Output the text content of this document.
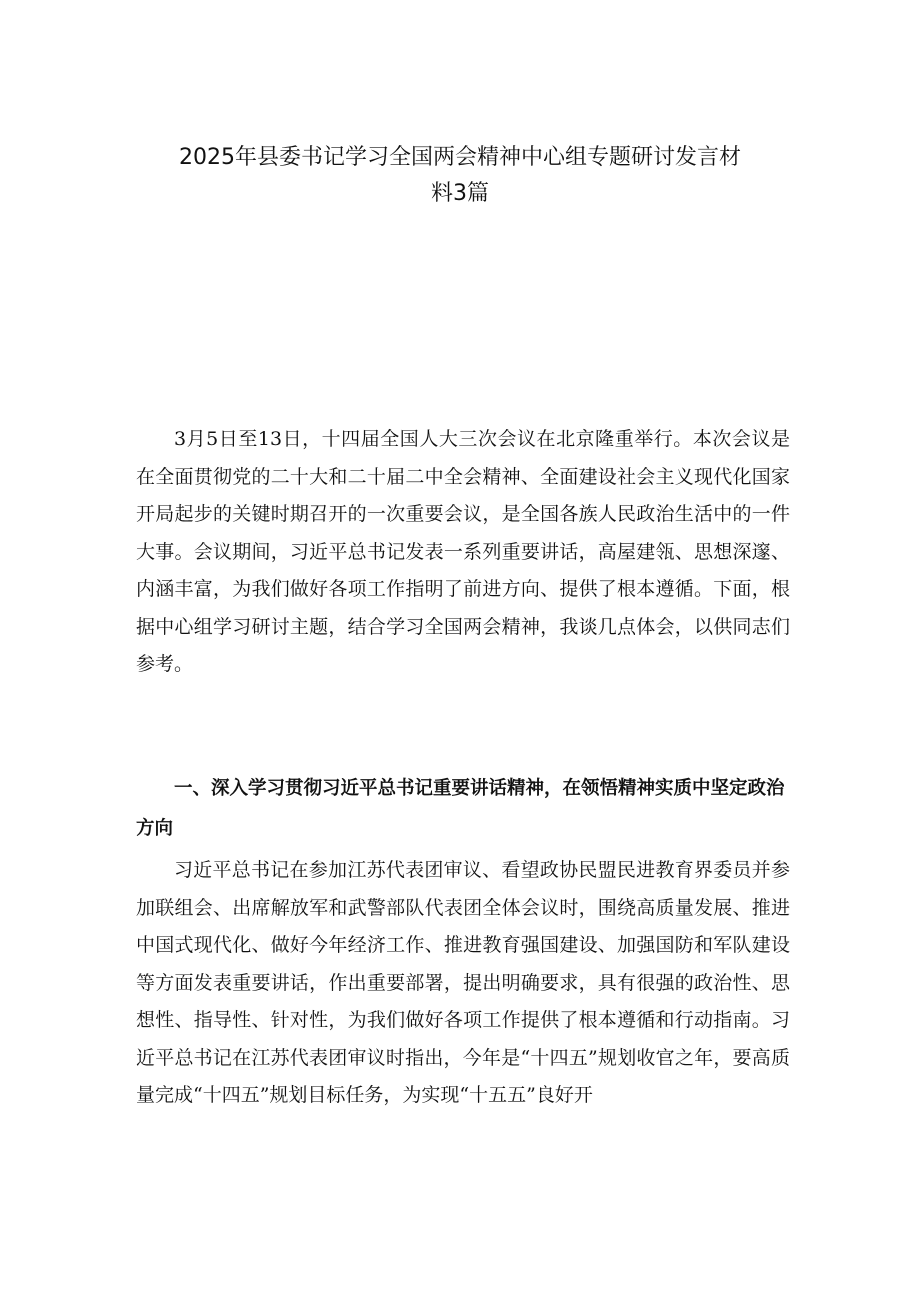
2025年县委书记学习全国两会精神中心组专题研讨发言材
料3篇

3月5日至13日，十四届全国人大三次会议在北京隆重举行。本次会议是在全面贯彻党的二十大和二十届二中全会精神、全面建设社会主义现代化国家开局起步的关键时期召开的一次重要会议，是全国各族人民政治生活中的一件大事。会议期间，习近平总书记发表一系列重要讲话，高屋建瓴、思想深邃、内涵丰富，为我们做好各项工作指明了前进方向、提供了根本遵循。下面，根据中心组学习研讨主题，结合学习全国两会精神，我谈几点体会，以供同志们参考。

一、深入学习贯彻习近平总书记重要讲话精神，在领悟精神实质中坚定政治方向

习近平总书记在参加江苏代表团审议、看望政协民盟民进教育界委员并参加联组会、出席解放军和武警部队代表团全体会议时，围绕高质量发展、推进中国式现代化、做好今年经济工作、推进教育强国建设、加强国防和军队建设等方面发表重要讲话，作出重要部署，提出明确要求，具有很强的政治性、思想性、指导性、针对性，为我们做好各项工作提供了根本遵循和行动指南。习近平总书记在江苏代表团审议时指出，今年是“十四五”规划收官之年，要高质量完成“十四五”规划目标任务，为实现“十五五”良好开
